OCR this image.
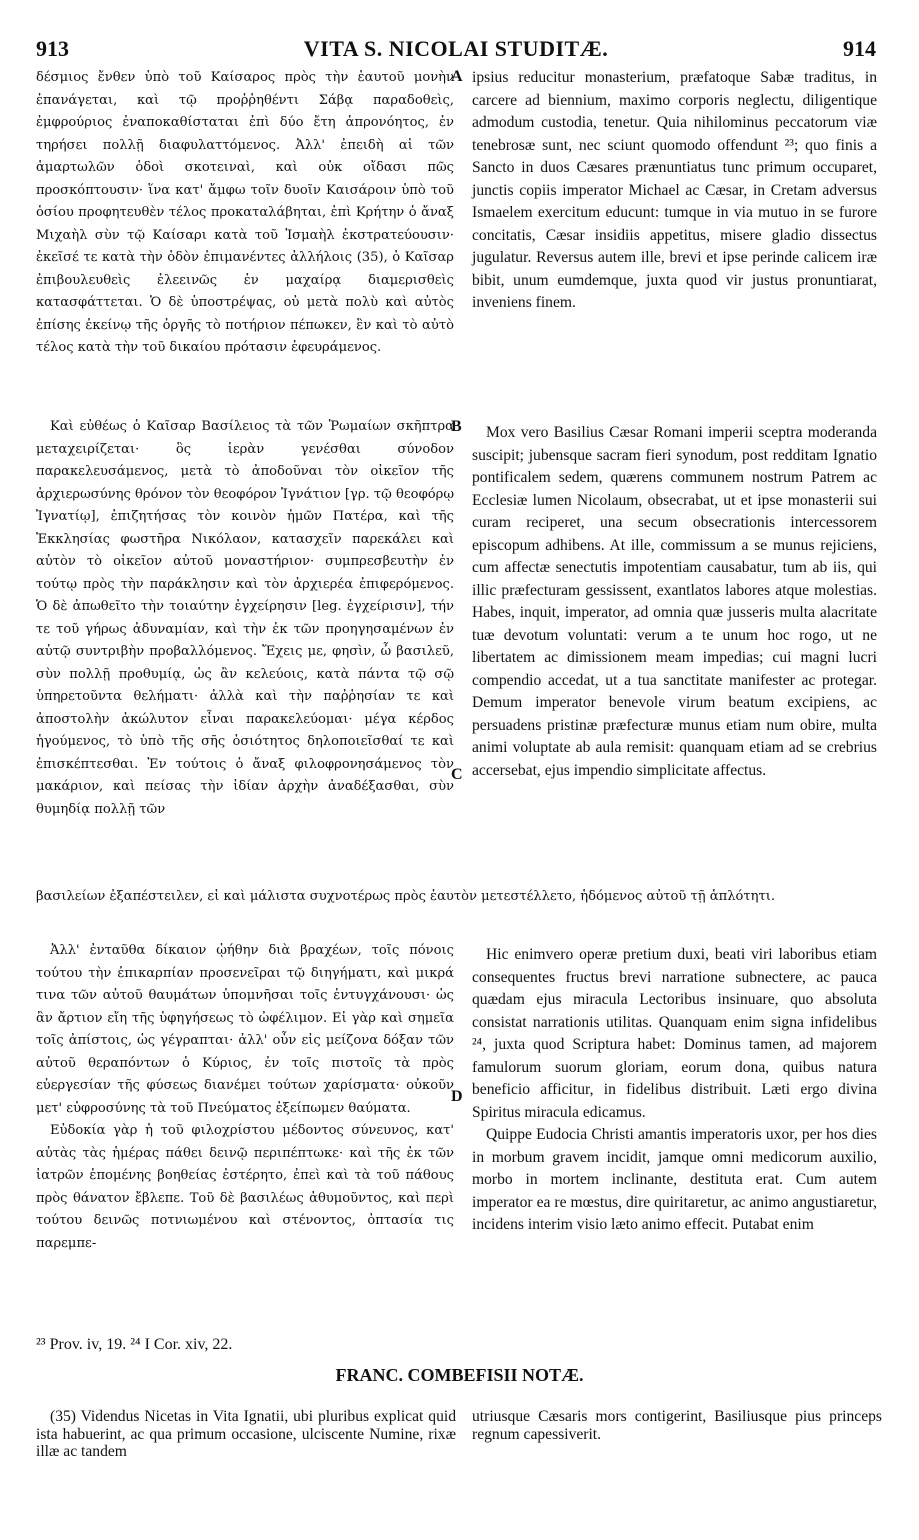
913	VITA S. NICOLAI STUDITÆ.	914

δέσμιος ἔνθεν ὑπὸ τοῦ Καίσαρος πρὸς τὴν ἑαυτοῦ μονὴν ἐπανάγεται, καὶ τῷ προῤῥηθέντι Σάβᾳ παραδοθεὶς, ἐμφρούριος ἐναποκαθίσταται ἐπὶ δύο ἔτη ἀπρονόητος, ἐν τηρήσει πολλῇ διαφυλαττόμενος. Ἀλλ' ἐπειδὴ αἱ τῶν ἁμαρτωλῶν ὁδοὶ σκοτειναὶ, καὶ οὐκ οἴδασι πῶς προσκόπτουσιν· ἵνα κατ' ἄμφω τοῖν δυοῖν Καισάροιν ὑπὸ τοῦ ὁσίου προφητευθὲν τέλος προκαταλάβηται, ἐπὶ Κρήτην ὁ ἄναξ Μιχαὴλ σὺν τῷ Καίσαρι κατὰ τοῦ Ἰσμαὴλ ἐκστρατεύουσιν· ἐκεῖσέ τε κατὰ τὴν ὁδὸν ἐπιμανέντες ἀλλήλοις (35), ὁ Καῖσαρ ἐπιβουλευθεὶς ἐλεεινῶς ἐν μαχαίρᾳ διαμερισθεὶς κατασφάττεται. Ὁ δὲ ὑποστρέψας, οὐ μετὰ πολὺ καὶ αὐτὸς ἐπίσης ἐκείνῳ τῆς ὀργῆς τὸ ποτήριον πέπωκεν, ἓν καὶ τὸ αὐτὸ τέλος κατὰ τὴν τοῦ δικαίου πρότασιν ἐφευράμενος.

A ipsius reducitur monasterium, præfatoque Sabæ traditus, in carcere ad biennium, maximo corporis neglectu, diligentique admodum custodia, tenetur. Quia nihilominus peccatorum viæ tenebrosæ sunt, nec sciunt quomodo offendunt ²³; quo finis a Sancto in duos Cæsares prænuntiatus tunc primum occuparet, junctis copiis imperator Michael ac Cæsar, in Cretam adversus Ismaelem exercitum educunt: tumque in via mutuo in se furore concitatis, Cæsar insidiis appetitus, misere gladio dissectus jugulatur. Reversus autem ille, brevi et ipse perinde calicem iræ bibit, unum eumdemque, juxta quod vir justus pronuntiarat, inveniens finem.

Καὶ εὐθέως ὁ Καῖσαρ Βασίλειος τὰ τῶν Ῥωμαίων σκῆπτρα μεταχειρίζεται· ὃς ἱερὰν γενέσθαι σύνοδον παρακελευσάμενος, μετὰ τὸ ἀποδοῦναι τὸν οἰκεῖον τῆς ἀρχιερωσύνης θρόνον τὸν θεοφόρον Ἰγνάτιον [γρ. τῷ θεοφόρῳ Ἰγνατίῳ], ἐπιζητήσας τὸν κοινὸν ἡμῶν Πατέρα, καὶ τῆς Ἐκκλησίας φωστῆρα Νικόλαον, κατασχεῖν παρεκάλει καὶ αὐτὸν τὸ οἰκεῖον αὐτοῦ μοναστήριον· συμπρεσβευτὴν ἐν τούτῳ πρὸς τὴν παράκλησιν καὶ τὸν ἀρχιερέα ἐπιφερόμενος. Ὁ δὲ ἀπωθεῖτο τὴν τοιαύτην ἐγχείρησιν [leg. ἐγχείρισιν], τήν τε τοῦ γήρως ἀδυναμίαν, καὶ τὴν ἐκ τῶν προηγησαμένων ἐν αὐτῷ συντριβὴν προβαλλόμενος. Ἔχεις με, φησὶν, ὦ βασιλεῦ, σὺν πολλῇ προθυμίᾳ, ὡς ἂν κελεύοις, κατὰ πάντα τῷ σῷ ὑπηρετοῦντα θελήματι· ἀλλὰ καὶ τὴν παῤῥησίαν τε καὶ ἀποστολὴν ἀκώλυτον εἶναι παρακελεύομαι· μέγα κέρδος ἡγούμενος, τὸ ὑπὸ τῆς σῆς ὁσιότητος δηλοποιεῖσθαί τε καὶ ἐπισκέπτεσθαι. Ἐν τούτοις ὁ ἄναξ φιλοφρονησάμενος τὸν μακάριον, καὶ πείσας τὴν ἰδίαν ἀρχὴν ἀναδέξασθαι, σὺν θυμηδίᾳ πολλῇ τῶν

B
C

Mox vero Basilius Cæsar Romani imperii sceptra moderanda suscipit; jubensque sacram fieri synodum, post redditam Ignatio pontificalem sedem, quærens communem nostrum Patrem ac Ecclesiæ lumen Nicolaum, obsecrabat, ut et ipse monasterii sui curam reciperet, una secum obsecrationis intercessorem episcopum adhibens. At ille, commissum a se munus rejiciens, cum affectæ senectutis impotentiam causabatur, tum ab iis, qui illic præfecturam gessissent, exantlatos labores atque molestias. Habes, inquit, imperator, ad omnia quæ jusseris multa alacritate tuæ devotum voluntati: verum a te unum hoc rogo, ut ne libertatem ac dimissionem meam impedias; cui magni lucri compendio accedat, ut a tua sanctitate manifester ac protegar. Demum imperator benevole virum beatum excipiens, ac persuadens pristinæ præfecturæ munus etiam num obire, multa animi voluptate ab aula remisit: quanquam etiam ad se crebrius accersebat, ejus impendio simplicitate affectus.

βασιλείων ἐξαπέστειλεν, εἰ καὶ μάλιστα συχνοτέρως πρὸς ἑαυτὸν μετεστέλλετο, ἡδόμενος αὐτοῦ τῇ ἁπλότητι.

Ἀλλ' ἐνταῦθα δίκαιον ᾠήθην διὰ βραχέων, τοῖς πόνοις τούτου τὴν ἐπικαρπίαν προσενεῖραι τῷ διηγήματι, καὶ μικρά τινα τῶν αὐτοῦ θαυμάτων ὑπομνῆσαι τοῖς ἐντυγχάνουσι· ὡς ἂν ἄρτιον εἴη τῆς ὑφηγήσεως τὸ ὠφέλιμον. Εἰ γὰρ καὶ σημεῖα τοῖς ἀπίστοις, ὡς γέγραπται· ἀλλ' οὖν εἰς μείζονα δόξαν τῶν αὐτοῦ θεραπόντων ὁ Κύριος, ἐν τοῖς πιστοῖς τὰ πρὸς εὐεργεσίαν τῆς φύσεως διανέμει τούτων χαρίσματα· οὐκοῦν μετ' εὐφροσύνης τὰ τοῦ Πνεύματος ἐξείπωμεν θαύματα.

Εὐδοκία γὰρ ἡ τοῦ φιλοχρίστου μέδοντος σύνευνος, κατ' αὐτὰς τὰς ἡμέρας πάθει δεινῷ περιπέπτωκε· καὶ τῆς ἐκ τῶν ἰατρῶν ἑπομένης βοηθείας ἐστέρητο, ἐπεὶ καὶ τὰ τοῦ πάθους πρὸς θάνατον ἔβλεπε. Τοῦ δὲ βασιλέως ἀθυμοῦντος, καὶ περὶ τούτου δεινῶς ποτνιωμένου καὶ στένοντος, ὀπτασία τις παρεμπε-

D

Hic enimvero operæ pretium duxi, beati viri laboribus etiam consequentes fructus brevi narratione subnectere, ac pauca quædam ejus miracula Lectoribus insinuare, quo absoluta consistat narrationis utilitas. Quanquam enim signa infidelibus ²⁴, juxta quod Scriptura habet: Dominus tamen, ad majorem famulorum suorum gloriam, eorum dona, quibus natura beneficio afficitur, in fidelibus distribuit. Læti ergo divina Spiritus miracula edicamus.

Quippe Eudocia Christi amantis imperatoris uxor, per hos dies in morbum gravem incidit, jamque omni medicorum auxilio, morbo in mortem inclinante, destituta erat. Cum autem imperator ea re mœstus, dire quiritaretur, ac animo angustiaretur, incidens interim visio læto animo effecit. Putabat enim

²³ Prov. iv, 19. ²⁴ I Cor. xiv, 22.
FRANC. COMBEFISII NOTÆ.

(35) Videndus Nicetas in Vita Ignatii, ubi pluribus explicat quid ista habuerint, ac qua primum occasione, ulciscente Numine, rixæ illæ ac tandem

utriusque Cæsaris mors contigerint, Basiliusque pius princeps regnum capessiverit.
